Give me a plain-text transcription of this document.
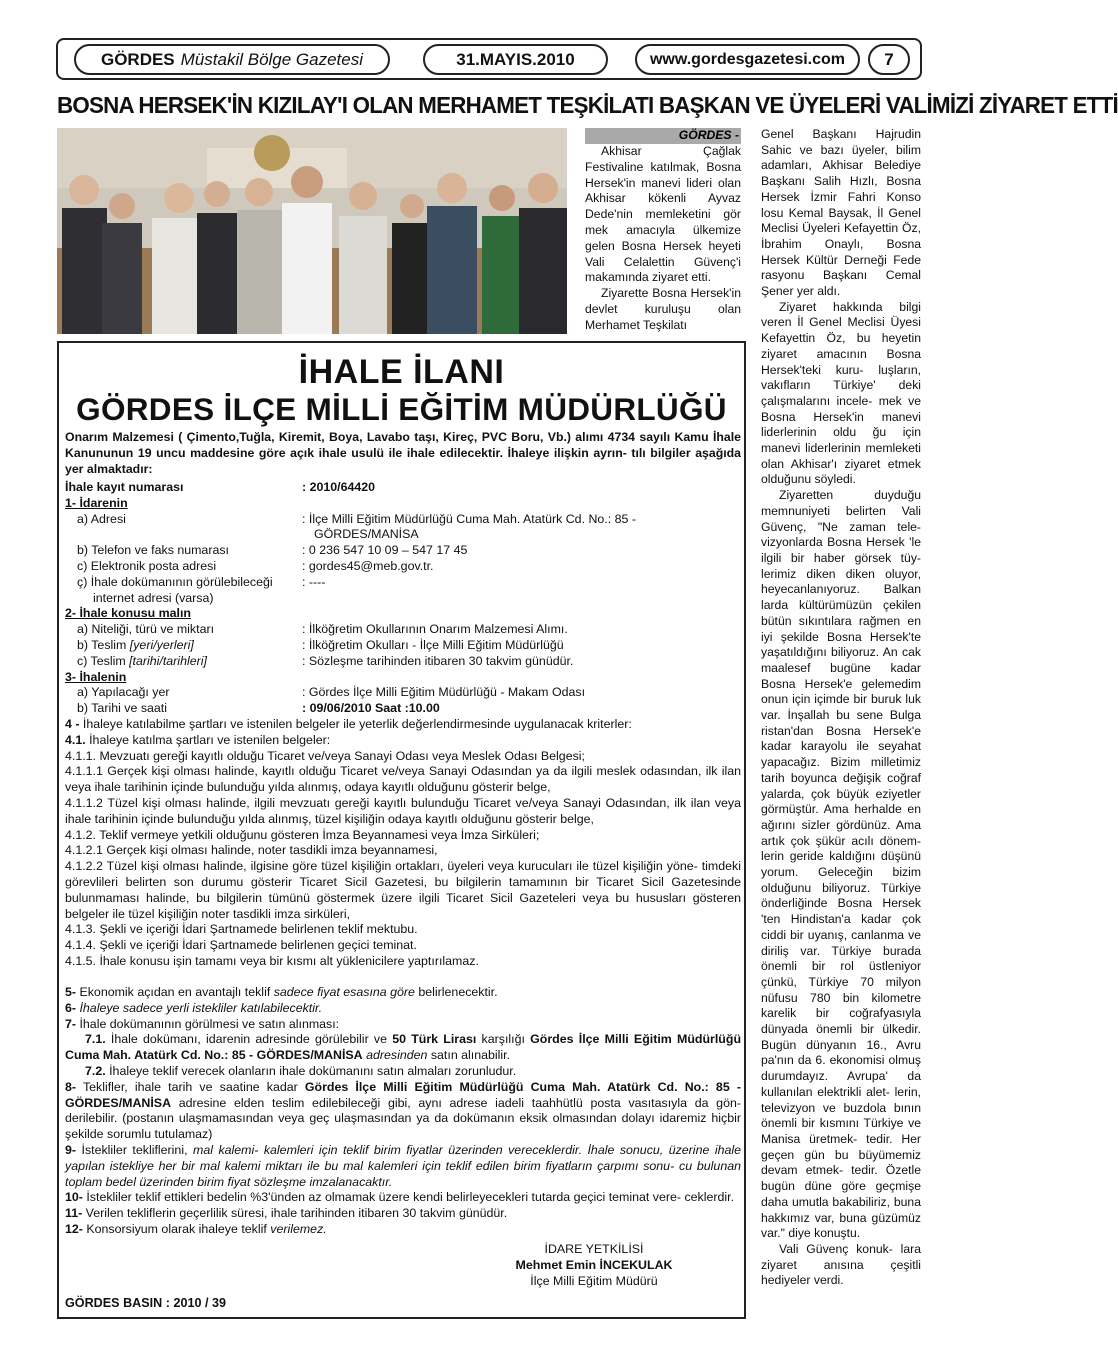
GÖRDES Müstakil Bölge Gazetesi	31.MAYIS.2010	www.gordesgazetesi.com	7
BOSNA HERSEK'İN KIZILAY'I OLAN MERHAMET TEŞKİLATI BAŞKAN VE ÜYELERİ VALİMİZİ ZİYARET ETTİ
GÖRDES -

Akhisar Çağlak Festivaline katılmak, Bosna Hersek'in manevi lideri olan Akhisar kökenli Ayvaz Dede'nin memleketini gör mek amacıyla ülkemize gelen Bosna Hersek heyeti Vali Celalettin Güvenç'i makamında ziyaret etti.

Ziyarette Bosna Hersek'in devlet kuruluşu olan Merhamet Teşkilatı

Genel Başkanı Hajrudin Sahic ve bazı üyeler, bilim adamları, Akhisar Belediye Başkanı Salih Hızlı, Bosna Hersek İzmir Fahri Konso losu Kemal Baysak, İl Genel Meclisi Üyeleri Kefayettin Öz, İbrahim Onaylı, Bosna Hersek Kültür Derneği Fede rasyonu Başkanı Cemal Şener yer aldı.

Ziyaret hakkında bilgi veren İl Genel Meclisi Üyesi Kefayettin Öz, bu heyetin ziyaret amacının Bosna Hersek'teki kuru- luşların, vakıfların Türkiye' deki çalışmalarını incele- mek ve Bosna Hersek'in manevi liderlerinin oldu ğu için manevi liderlerinin memleketi olan Akhisar'ı ziyaret etmek olduğunu söyledi.

Ziyaretten duyduğu memnuniyeti belirten Vali Güvenç, "Ne zaman tele- vizyonlarda Bosna Hersek 'le ilgili bir haber görsek tüy- lerimiz diken diken oluyor, heyecanlanıyoruz. Balkan larda kültürümüzün çekilen bütün sıkıntılara rağmen en iyi şekilde Bosna Hersek'te yaşatıldığını biliyoruz. An cak maalesef bugüne kadar Bosna Hersek'e gelemedim onun için içimde bir buruk luk var. İnşallah bu sene Bulga ristan'dan Bosna Hersek'e kadar karayolu ile seyahat yapacağız. Bizim milletimiz tarih boyunca değişik coğraf yalarda, çok büyük eziyetler görmüştür. Ama herhalde en ağırını sizler gördünüz. Ama artık çok şükür acılı dönem- lerin geride kaldığını düşünü yorum. Geleceğin bizim olduğunu biliyoruz. Türkiye önderliğinde Bosna Hersek 'ten Hindistan'a kadar çok ciddi bir uyanış, canlanma ve diriliş var. Türkiye burada önemli bir rol üstleniyor çünkü, Türkiye 70 milyon nüfusu 780 bin kilometre karelik bir coğrafyasıyla dünyada önemli bir ülkedir. Bugün dünyanın 16., Avru pa'nın da 6. ekonomisi olmuş durumdayız. Avrupa' da kullanılan elektrikli alet- lerin, televizyon ve buzdola bının önemli bir kısmını Türkiye ve Manisa üretmek- tedir. Her geçen gün bu büyümemiz devam etmek- tedir. Özetle bugün düne göre geçmişe daha umutla bakabiliriz, buna hakkımız var, buna güzümüz var." diye konuştu.

Vali Güvenç konuk- lara ziyaret anısına çeşitli hediyeler verdi.

İHALE İLANI
GÖRDES İLÇE MİLLİ EĞİTİM MÜDÜRLÜĞÜ
Onarım Malzemesi ( Çimento,Tuğla, Kiremit, Boya, Lavabo taşı, Kireç, PVC Boru, Vb.) alımı 4734 sayılı Kamu İhale Kanununun 19 uncu maddesine göre açık ihale usulü ile ihale edilecektir. İhaleye ilişkin ayrın- tılı bilgiler aşağıda yer almaktadır:
İhale kayıt numarası	: 2010/64420
1- İdarenin
a) Adresi	: İlçe Milli Eğitim Müdürlüğü Cuma Mah. Atatürk Cd. No.: 85 -
GÖRDES/MANİSA
b) Telefon ve faks numarası	: 0 236 547 10 09 – 547 17 45
c) Elektronik posta adresi	: gordes45@meb.gov.tr.
ç) İhale dokümanının görülebileceği	: ----
internet adresi (varsa)
2- İhale konusu malın
a) Niteliği, türü ve miktarı	: İlköğretim Okullarının Onarım Malzemesi Alımı.
b) Teslim [yeri/yerleri]	: İlköğretim Okulları - İlçe Milli Eğitim Müdürlüğü
c) Teslim [tarihi/tarihleri]	: Sözleşme tarihinden itibaren 30 takvim günüdür.
3- İhalenin
a) Yapılacağı yer	: Gördes İlçe Milli Eğitim Müdürlüğü - Makam Odası
b) Tarihi ve saati	: 09/06/2010 Saat :10.00
4 - İhaleye katılabilme şartları ve istenilen belgeler ile yeterlik değerlendirmesinde uygulanacak kriterler:
4.1. İhaleye katılma şartları ve istenilen belgeler:
4.1.1. Mevzuatı gereği kayıtlı olduğu Ticaret ve/veya Sanayi Odası veya Meslek Odası Belgesi;
4.1.1.1 Gerçek kişi olması halinde, kayıtlı olduğu Ticaret ve/veya Sanayi Odasından ya da ilgili meslek odasından, ilk ilan veya ihale tarihinin içinde bulunduğu yılda alınmış, odaya kayıtlı olduğunu gösterir belge,
4.1.1.2 Tüzel kişi olması halinde, ilgili mevzuatı gereği kayıtlı bulunduğu Ticaret ve/veya Sanayi Odasından, ilk ilan veya ihale tarihinin içinde bulunduğu yılda alınmış, tüzel kişiliğin odaya kayıtlı olduğunu gösterir belge,
4.1.2. Teklif vermeye yetkili olduğunu gösteren İmza Beyannamesi veya İmza Sirküleri;
4.1.2.1 Gerçek kişi olması halinde, noter tasdikli imza beyannamesi,
4.1.2.2 Tüzel kişi olması halinde, ilgisine göre tüzel kişiliğin ortakları, üyeleri veya kurucuları ile tüzel kişiliğin yöne- timdeki görevlileri belirten son durumu gösterir Ticaret Sicil Gazetesi, bu bilgilerin tamamının bir Ticaret Sicil Gazetesinde bulunmaması halinde, bu bilgilerin tümünü göstermek üzere ilgili Ticaret Sicil Gazeteleri veya bu hususları gösteren belgeler ile tüzel kişiliğin noter tasdikli imza sirküleri,
4.1.3. Şekli ve içeriği İdari Şartnamede belirlenen teklif mektubu.
4.1.4. Şekli ve içeriği İdari Şartnamede belirlenen geçici teminat.
4.1.5. İhale konusu işin tamamı veya bir kısmı alt yüklenicilere yaptırılamaz.
5- Ekonomik açıdan en avantajlı teklif sadece fiyat esasına göre belirlenecektir.
6- İhaleye sadece yerli istekliler katılabilecektir.
7- İhale dokümanının görülmesi ve satın alınması:
7.1. İhale dokümanı, idarenin adresinde görülebilir ve 50 Türk Lirası karşılığı Gördes İlçe Milli Eğitim Müdürlüğü Cuma Mah. Atatürk Cd. No.: 85 - GÖRDES/MANİSA adresinden satın alınabilir.
7.2. İhaleye teklif verecek olanların ihale dokümanını satın almaları zorunludur.
8- Teklifler, ihale tarih ve saatine kadar Gördes İlçe Milli Eğitim Müdürlüğü Cuma Mah. Atatürk Cd. No.: 85 - GÖRDES/MANİSA adresine elden teslim edilebileceği gibi, aynı adrese iadeli taahhütlü posta vasıtasıyla da gön- derilebilir. (postanın ulaşmamasından veya geç ulaşmasından ya da dokümanın eksik olmasından dolayı idaremiz hiçbir şekilde sorumlu tutulamaz)
9- İstekliler tekliflerini, mal kalemi- kalemleri için teklif birim fiyatlar üzerinden vereceklerdir. İhale sonucu, üzerine ihale yapılan istekliye her bir mal kalemi miktarı ile bu mal kalemleri için teklif edilen birim fiyatların çarpımı sonu- cu bulunan toplam bedel üzerinden birim fiyat sözleşme imzalanacaktır.
10- İstekliler teklif ettikleri bedelin %3'ünden az olmamak üzere kendi belirleyecekleri tutarda geçici teminat vere- ceklerdir.
11- Verilen tekliflerin geçerlilik süresi, ihale tarihinden itibaren 30 takvim günüdür.
12- Konsorsiyum olarak ihaleye teklif verilemez.
İDARE YETKİLİSİ
Mehmet Emin İNCEKULAK
İlçe Milli Eğitim Müdürü
GÖRDES BASIN : 2010 / 39
